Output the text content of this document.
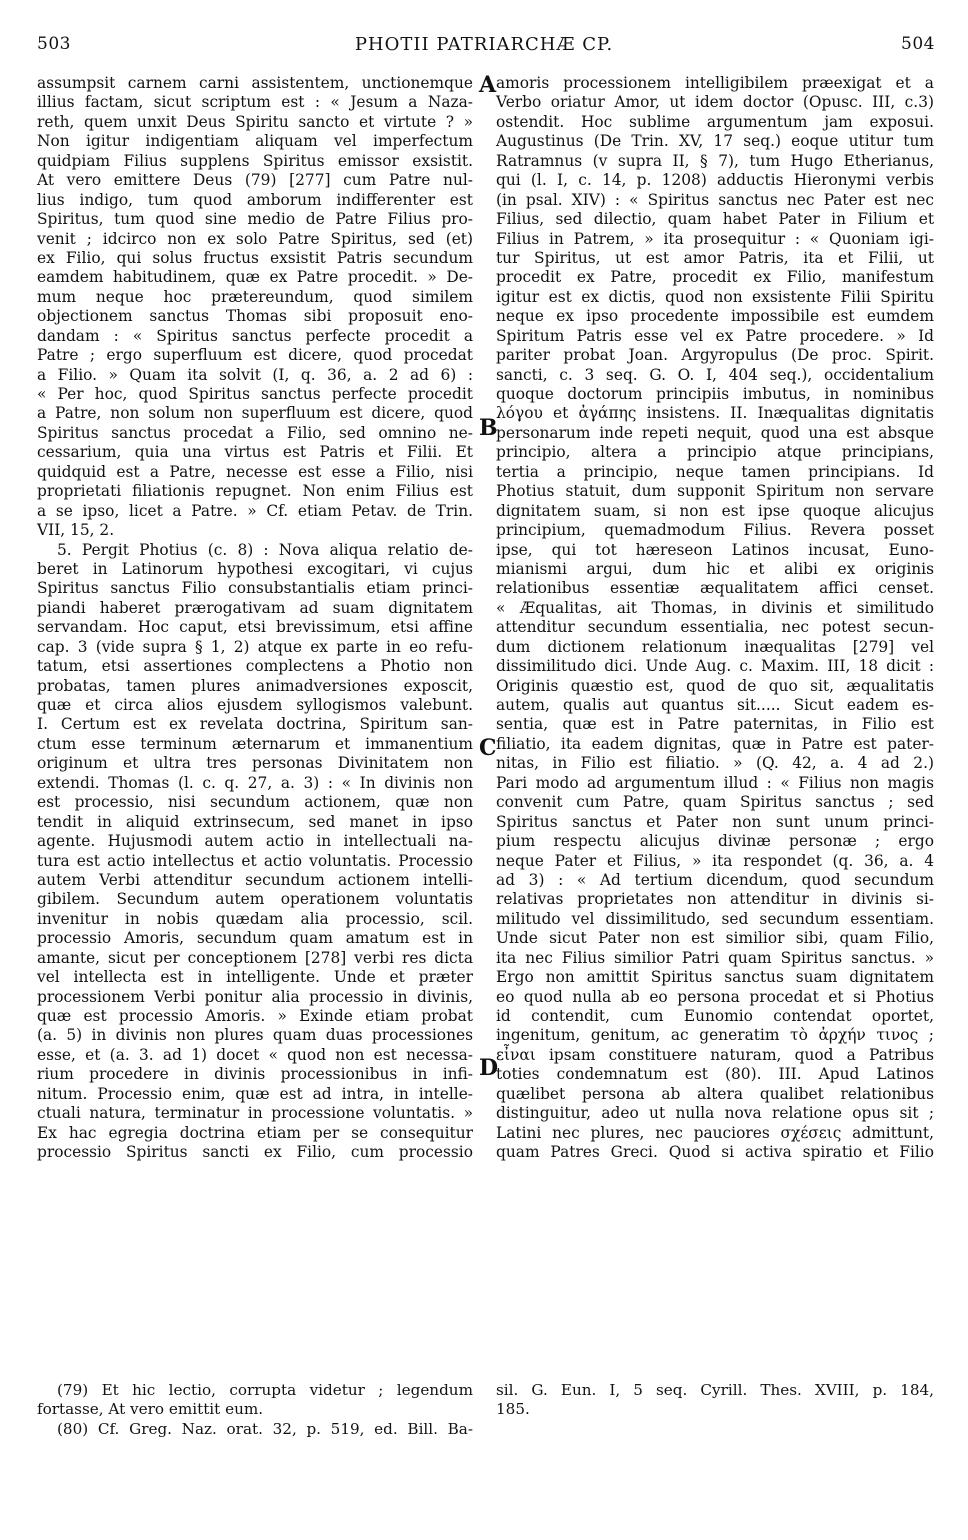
503	PHOTII PATRIARCHÆ CP.	504
A
B
C
D
assumpsit carnem carni assistentem, unctionemque
illius factam, sicut scriptum est : « Jesum a Naza-
reth, quem unxit Deus Spiritu sancto et virtute ? »
Non igitur indigentiam aliquam vel imperfectum
quidpiam Filius supplens Spiritus emissor exsistit.
At vero emittere Deus (79) [277] cum Patre nul-
lius indigo, tum quod amborum indifferenter est
Spiritus, tum quod sine medio de Patre Filius pro-
venit ; idcirco non ex solo Patre Spiritus, sed (et)
ex Filio, qui solus fructus exsistit Patris secundum
eamdem habitudinem, quæ ex Patre procedit. » De-
mum neque hoc prætereundum, quod similem
objectionem sanctus Thomas sibi proposuit eno-
dandam : « Spiritus sanctus perfecte procedit a
Patre ; ergo superfluum est dicere, quod procedat
a Filio. » Quam ita solvit (I, q. 36, a. 2 ad 6) :
« Per hoc, quod Spiritus sanctus perfecte procedit
a Patre, non solum non superfluum est dicere, quod
Spiritus sanctus procedat a Filio, sed omnino ne-
cessarium, quia una virtus est Patris et Filii. Et
quidquid est a Patre, necesse est esse a Filio, nisi
proprietati filiationis repugnet. Non enim Filius est
a se ipso, licet a Patre. » Cf. etiam Petav. de Trin.
VII, 15, 2.
5. Pergit Photius (c. 8) : Nova aliqua relatio de-
beret in Latinorum hypothesi excogitari, vi cujus
Spiritus sanctus Filio consubstantialis etiam princi-
piandi haberet prærogativam ad suam dignitatem
servandam. Hoc caput, etsi brevissimum, etsi affine
cap. 3 (vide supra § 1, 2) atque ex parte in eo refu-
tatum, etsi assertiones complectens a Photio non
probatas, tamen plures animadversiones exposcit,
quæ et circa alios ejusdem syllogismos valebunt.
I. Certum est ex revelata doctrina, Spiritum san-
ctum esse terminum æternarum et immanentium
originum et ultra tres personas Divinitatem non
extendi. Thomas (l. c. q. 27, a. 3) : « In divinis non
est processio, nisi secundum actionem, quæ non
tendit in aliquid extrinsecum, sed manet in ipso
agente. Hujusmodi autem actio in intellectuali na-
tura est actio intellectus et actio voluntatis. Processio
autem Verbi attenditur secundum actionem intelli-
gibilem. Secundum autem operationem voluntatis
invenitur in nobis quædam alia processio, scil.
processio Amoris, secundum quam amatum est in
amante, sicut per conceptionem [278] verbi res dicta
vel intellecta est in intelligente. Unde et præter
processionem Verbi ponitur alia processio in divinis,
quæ est processio Amoris. » Exinde etiam probat
(a. 5) in divinis non plures quam duas processiones
esse, et (a. 3. ad 1) docet « quod non est necessa-
rium procedere in divinis processionibus in infi-
nitum. Processio enim, quæ est ad intra, in intelle-
ctuali natura, terminatur in processione voluntatis. »
Ex hac egregia doctrina etiam per se consequitur
processio Spiritus sancti ex Filio, cum processio
amoris processionem intelligibilem præexigat et a
Verbo oriatur Amor, ut idem doctor (Opusc. III, c.3)
ostendit. Hoc sublime argumentum jam exposui.
Augustinus (De Trin. XV, 17 seq.) eoque utitur tum
Ratramnus (v supra II, § 7), tum Hugo Etherianus,
qui (l. I, c. 14, p. 1208) adductis Hieronymi verbis
(in psal. XIV) : « Spiritus sanctus nec Pater est nec
Filius, sed dilectio, quam habet Pater in Filium et
Filius in Patrem, » ita prosequitur : « Quoniam igi-
tur Spiritus, ut est amor Patris, ita et Filii, ut
procedit ex Patre, procedit ex Filio, manifestum
igitur est ex dictis, quod non exsistente Filii Spiritu
neque ex ipso procedente impossibile est eumdem
Spiritum Patris esse vel ex Patre procedere. » Id
pariter probat Joan. Argyropulus (De proc. Spirit.
sancti, c. 3 seq. G. O. I, 404 seq.), occidentalium
quoque doctorum principiis imbutus, in nominibus
λόγου et ἀγάπης insistens. II. Inæqualitas dignitatis
personarum inde repeti nequit, quod una est absque
principio, altera a principio atque principians,
tertia a principio, neque tamen principians. Id
Photius statuit, dum supponit Spiritum non servare
dignitatem suam, si non est ipse quoque alicujus
principium, quemadmodum Filius. Revera posset
ipse, qui tot hæreseon Latinos incusat, Euno-
mianismi argui, dum hic et alibi ex originis
relationibus essentiæ æqualitatem affici censet.
« Æqualitas, ait Thomas, in divinis et similitudo
attenditur secundum essentialia, nec potest secun-
dum dictionem relationum inæqualitas [279] vel
dissimilitudo dici. Unde Aug. c. Maxim. III, 18 dicit :
Originis quæstio est, quod de quo sit, æqualitatis
autem, qualis aut quantus sit..... Sicut eadem es-
sentia, quæ est in Patre paternitas, in Filio est
filiatio, ita eadem dignitas, quæ in Patre est pater-
nitas, in Filio est filiatio. » (Q. 42, a. 4 ad 2.)
Pari modo ad argumentum illud : « Filius non magis
convenit cum Patre, quam Spiritus sanctus ; sed
Spiritus sanctus et Pater non sunt unum princi-
pium respectu alicujus divinæ personæ ; ergo
neque Pater et Filius, » ita respondet (q. 36, a. 4
ad 3) : « Ad tertium dicendum, quod secundum
relativas proprietates non attenditur in divinis si-
militudo vel dissimilitudo, sed secundum essentiam.
Unde sicut Pater non est similior sibi, quam Filio,
ita nec Filius similior Patri quam Spiritus sanctus. »
Ergo non amittit Spiritus sanctus suam dignitatem
eo quod nulla ab eo persona procedat et si Photius
id contendit, cum Eunomio contendat oportet,
ingenitum, genitum, ac generatim τὸ ἀρχήν τινος ;
εἶναι ipsam constituere naturam, quod a Patribus
toties condemnatum est (80). III. Apud Latinos
quælibet persona ab altera qualibet relationibus
distinguitur, adeo ut nulla nova relatione opus sit ;
Latini nec plures, nec pauciores σχέσεις admittunt,
quam Patres Greci. Quod si activa spiratio et Filio
(79) Et hic lectio, corrupta videtur ; legendum
fortasse, At vero emittit eum.
(80) Cf. Greg. Naz. orat. 32, p. 519, ed. Bill. Ba-
sil. G. Eun. I, 5 seq. Cyrill. Thes. XVIII, p. 184,
185.
